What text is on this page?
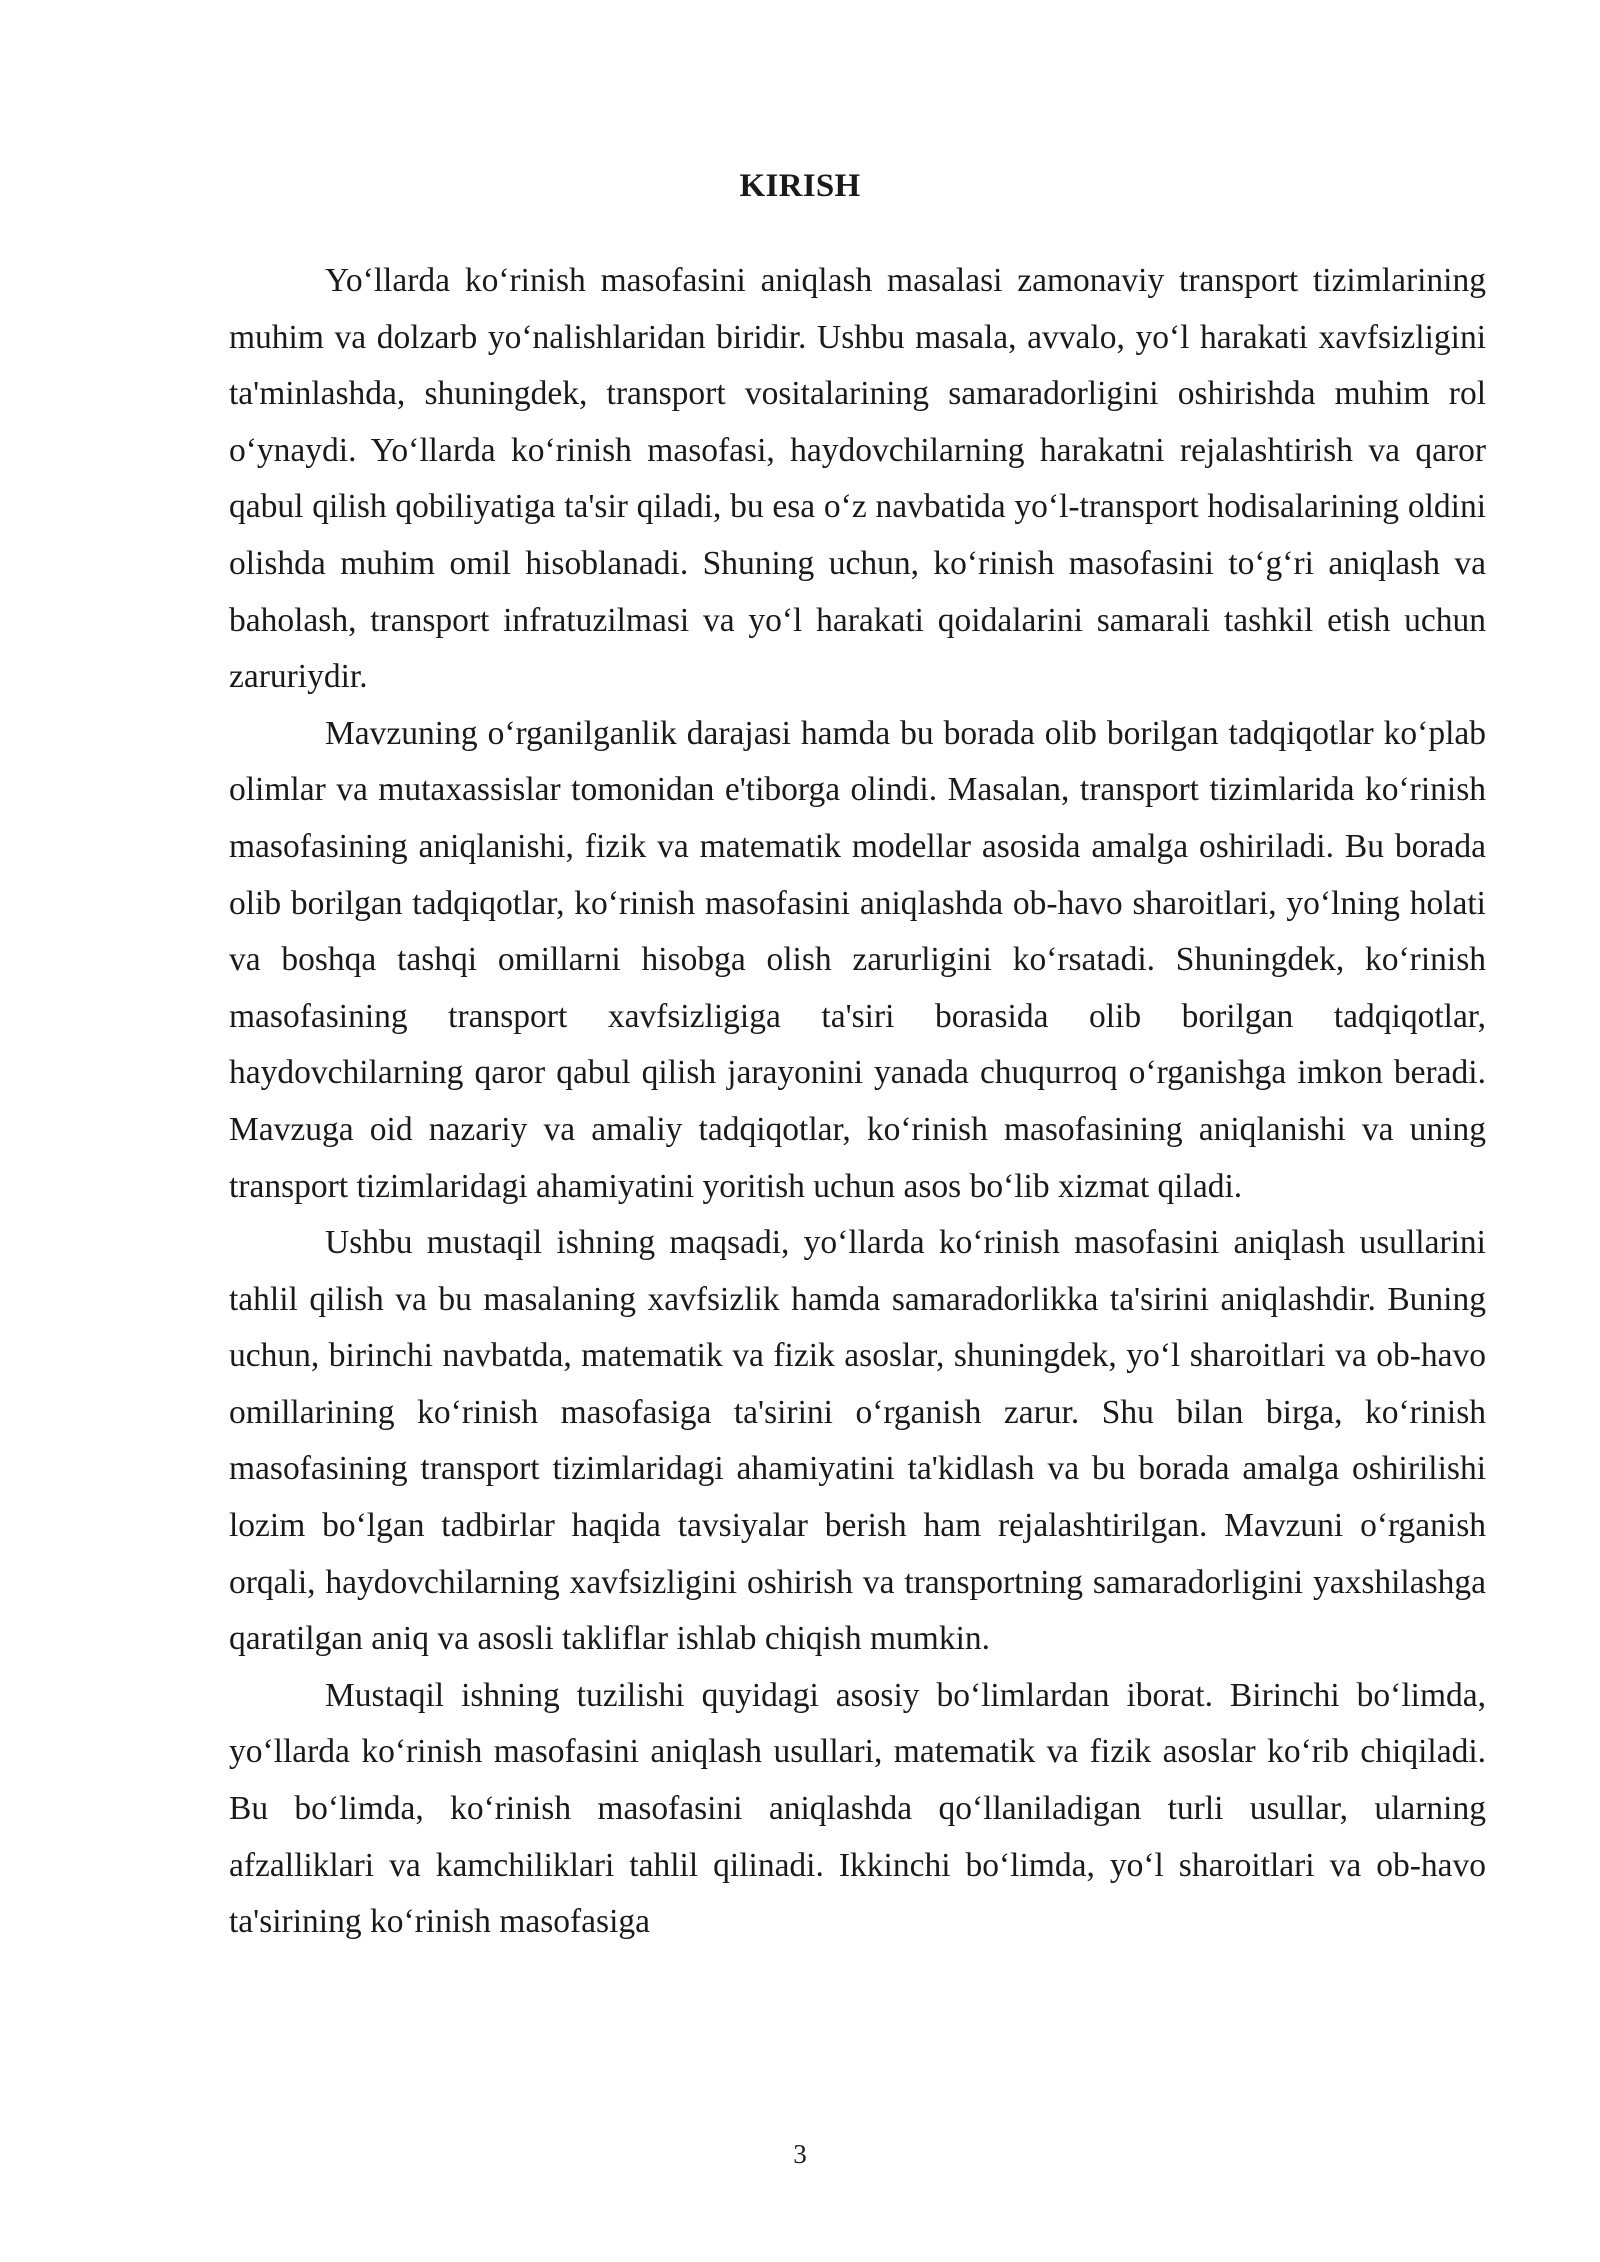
KIRISH

Yo‘llarda ko‘rinish masofasini aniqlash masalasi zamonaviy transport tizimlarining muhim va dolzarb yo‘nalishlaridan biridir. Ushbu masala, avvalo, yo‘l harakati xavfsizligini ta'minlashda, shuningdek, transport vositalarining samaradorligini oshirishda muhim rol o‘ynaydi. Yo‘llarda ko‘rinish masofasi, haydovchilarning harakatni rejalashtirish va qaror qabul qilish qobiliyatiga ta'sir qiladi, bu esa o‘z navbatida yo‘l-transport hodisalarining oldini olishda muhim omil hisoblanadi. Shuning uchun, ko‘rinish masofasini to‘g‘ri aniqlash va baholash, transport infratuzilmasi va yo‘l harakati qoidalarini samarali tashkil etish uchun zaruriydir.

Mavzuning o‘rganilganlik darajasi hamda bu borada olib borilgan tadqiqotlar ko‘plab olimlar va mutaxassislar tomonidan e'tiborga olindi. Masalan, transport tizimlarida ko‘rinish masofasining aniqlanishi, fizik va matematik modellar asosida amalga oshiriladi. Bu borada olib borilgan tadqiqotlar, ko‘rinish masofasini aniqlashda ob-havo sharoitlari, yo‘lning holati va boshqa tashqi omillarni hisobga olish zarurligini ko‘rsatadi. Shuningdek, ko‘rinish masofasining transport xavfsizligiga ta'siri borasida olib borilgan tadqiqotlar, haydovchilarning qaror qabul qilish jarayonini yanada chuqurroq o‘rganishga imkon beradi. Mavzuga oid nazariy va amaliy tadqiqotlar, ko‘rinish masofasining aniqlanishi va uning transport tizimlaridagi ahamiyatini yoritish uchun asos bo‘lib xizmat qiladi.

Ushbu mustaqil ishning maqsadi, yo‘llarda ko‘rinish masofasini aniqlash usullarini tahlil qilish va bu masalaning xavfsizlik hamda samaradorlikka ta'sirini aniqlashdir. Buning uchun, birinchi navbatda, matematik va fizik asoslar, shuningdek, yo‘l sharoitlari va ob-havo omillarining ko‘rinish masofasiga ta'sirini o‘rganish zarur. Shu bilan birga, ko‘rinish masofasining transport tizimlaridagi ahamiyatini ta'kidlash va bu borada amalga oshirilishi lozim bo‘lgan tadbirlar haqida tavsiyalar berish ham rejalashtirilgan. Mavzuni o‘rganish orqali, haydovchilarning xavfsizligini oshirish va transportning samaradorligini yaxshilashga qaratilgan aniq va asosli takliflar ishlab chiqish mumkin.

Mustaqil ishning tuzilishi quyidagi asosiy bo‘limlardan iborat. Birinchi bo‘limda, yo‘llarda ko‘rinish masofasini aniqlash usullari, matematik va fizik asoslar ko‘rib chiqiladi. Bu bo‘limda, ko‘rinish masofasini aniqlashda qo‘llaniladigan turli usullar, ularning afzalliklari va kamchiliklari tahlil qilinadi. Ikkinchi bo‘limda, yo‘l sharoitlari va ob-havo ta'sirining ko‘rinish masofasiga

3
